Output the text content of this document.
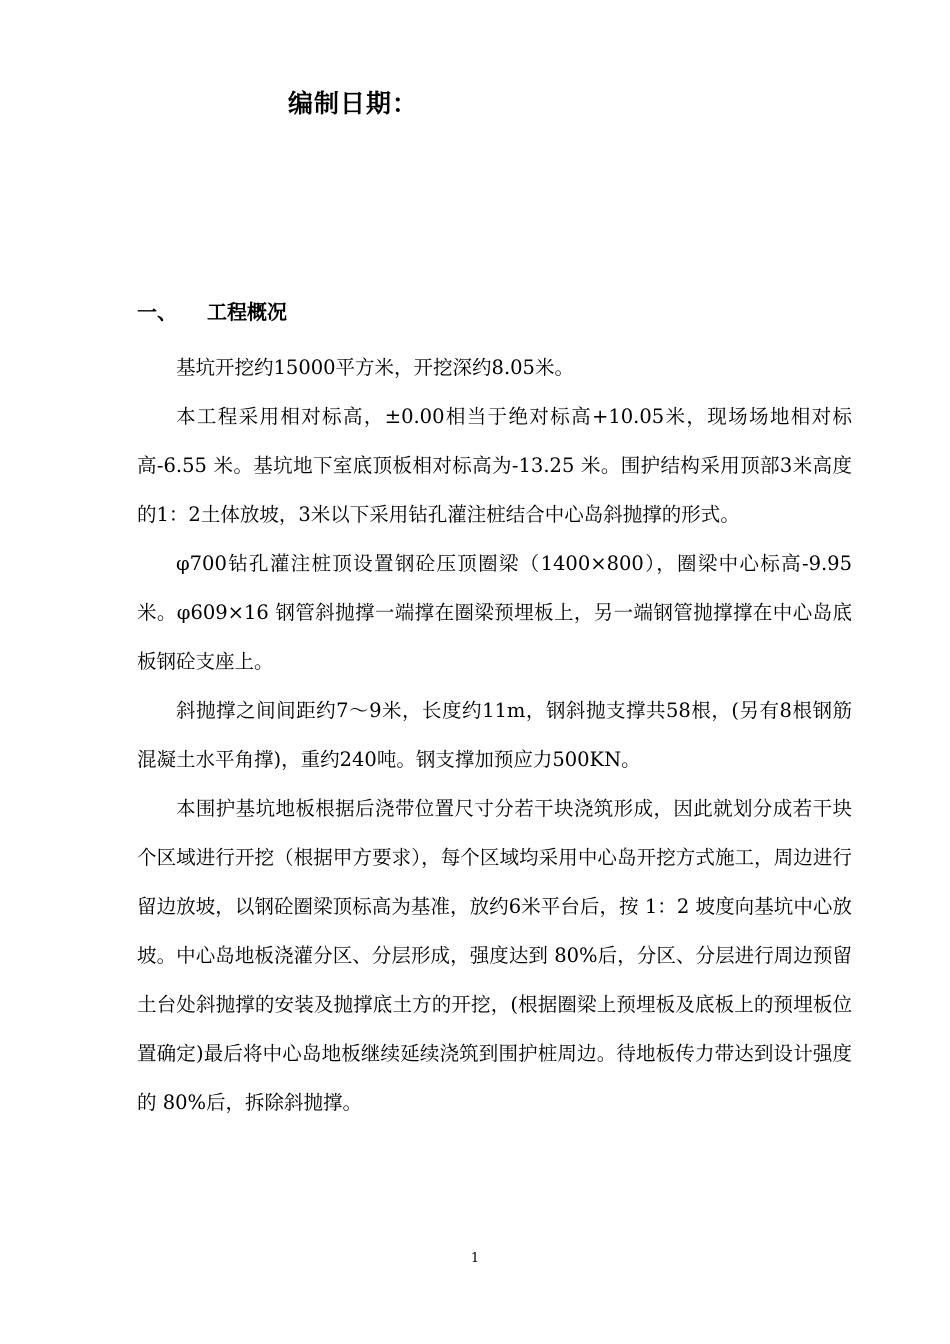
编制日期：
一、 工程概况

基坑开挖约15000平方米，开挖深约8.05米。

本工程采用相对标高，±0.00相当于绝对标高+10.05米，现场场地相对标高-6.55 米。基坑地下室底顶板相对标高为-13.25 米。围护结构采用顶部3米高度的1：2土体放坡，3米以下采用钻孔灌注桩结合中心岛斜抛撑的形式。

φ700钻孔灌注桩顶设置钢砼压顶圈梁（1400×800），圈梁中心标高-9.95 米。φ609×16 钢管斜抛撑一端撑在圈梁预埋板上，另一端钢管抛撑撑在中心岛底板钢砼支座上。

斜抛撑之间间距约7～9米，长度约11m，钢斜抛支撑共58根，(另有8根钢筋混凝土水平角撑)，重约240吨。钢支撑加预应力500KN。

本围护基坑地板根据后浇带位置尺寸分若干块浇筑形成，因此就划分成若干块个区域进行开挖（根据甲方要求），每个区域均采用中心岛开挖方式施工，周边进行留边放坡，以钢砼圈梁顶标高为基准，放约6米平台后，按 1：2 坡度向基坑中心放坡。中心岛地板浇灌分区、分层形成，强度达到 80%后，分区、分层进行周边预留土台处斜抛撑的安装及抛撑底土方的开挖，(根据圈梁上预埋板及底板上的预埋板位置确定)最后将中心岛地板继续延续浇筑到围护桩周边。待地板传力带达到设计强度的 80%后，拆除斜抛撑。

1
